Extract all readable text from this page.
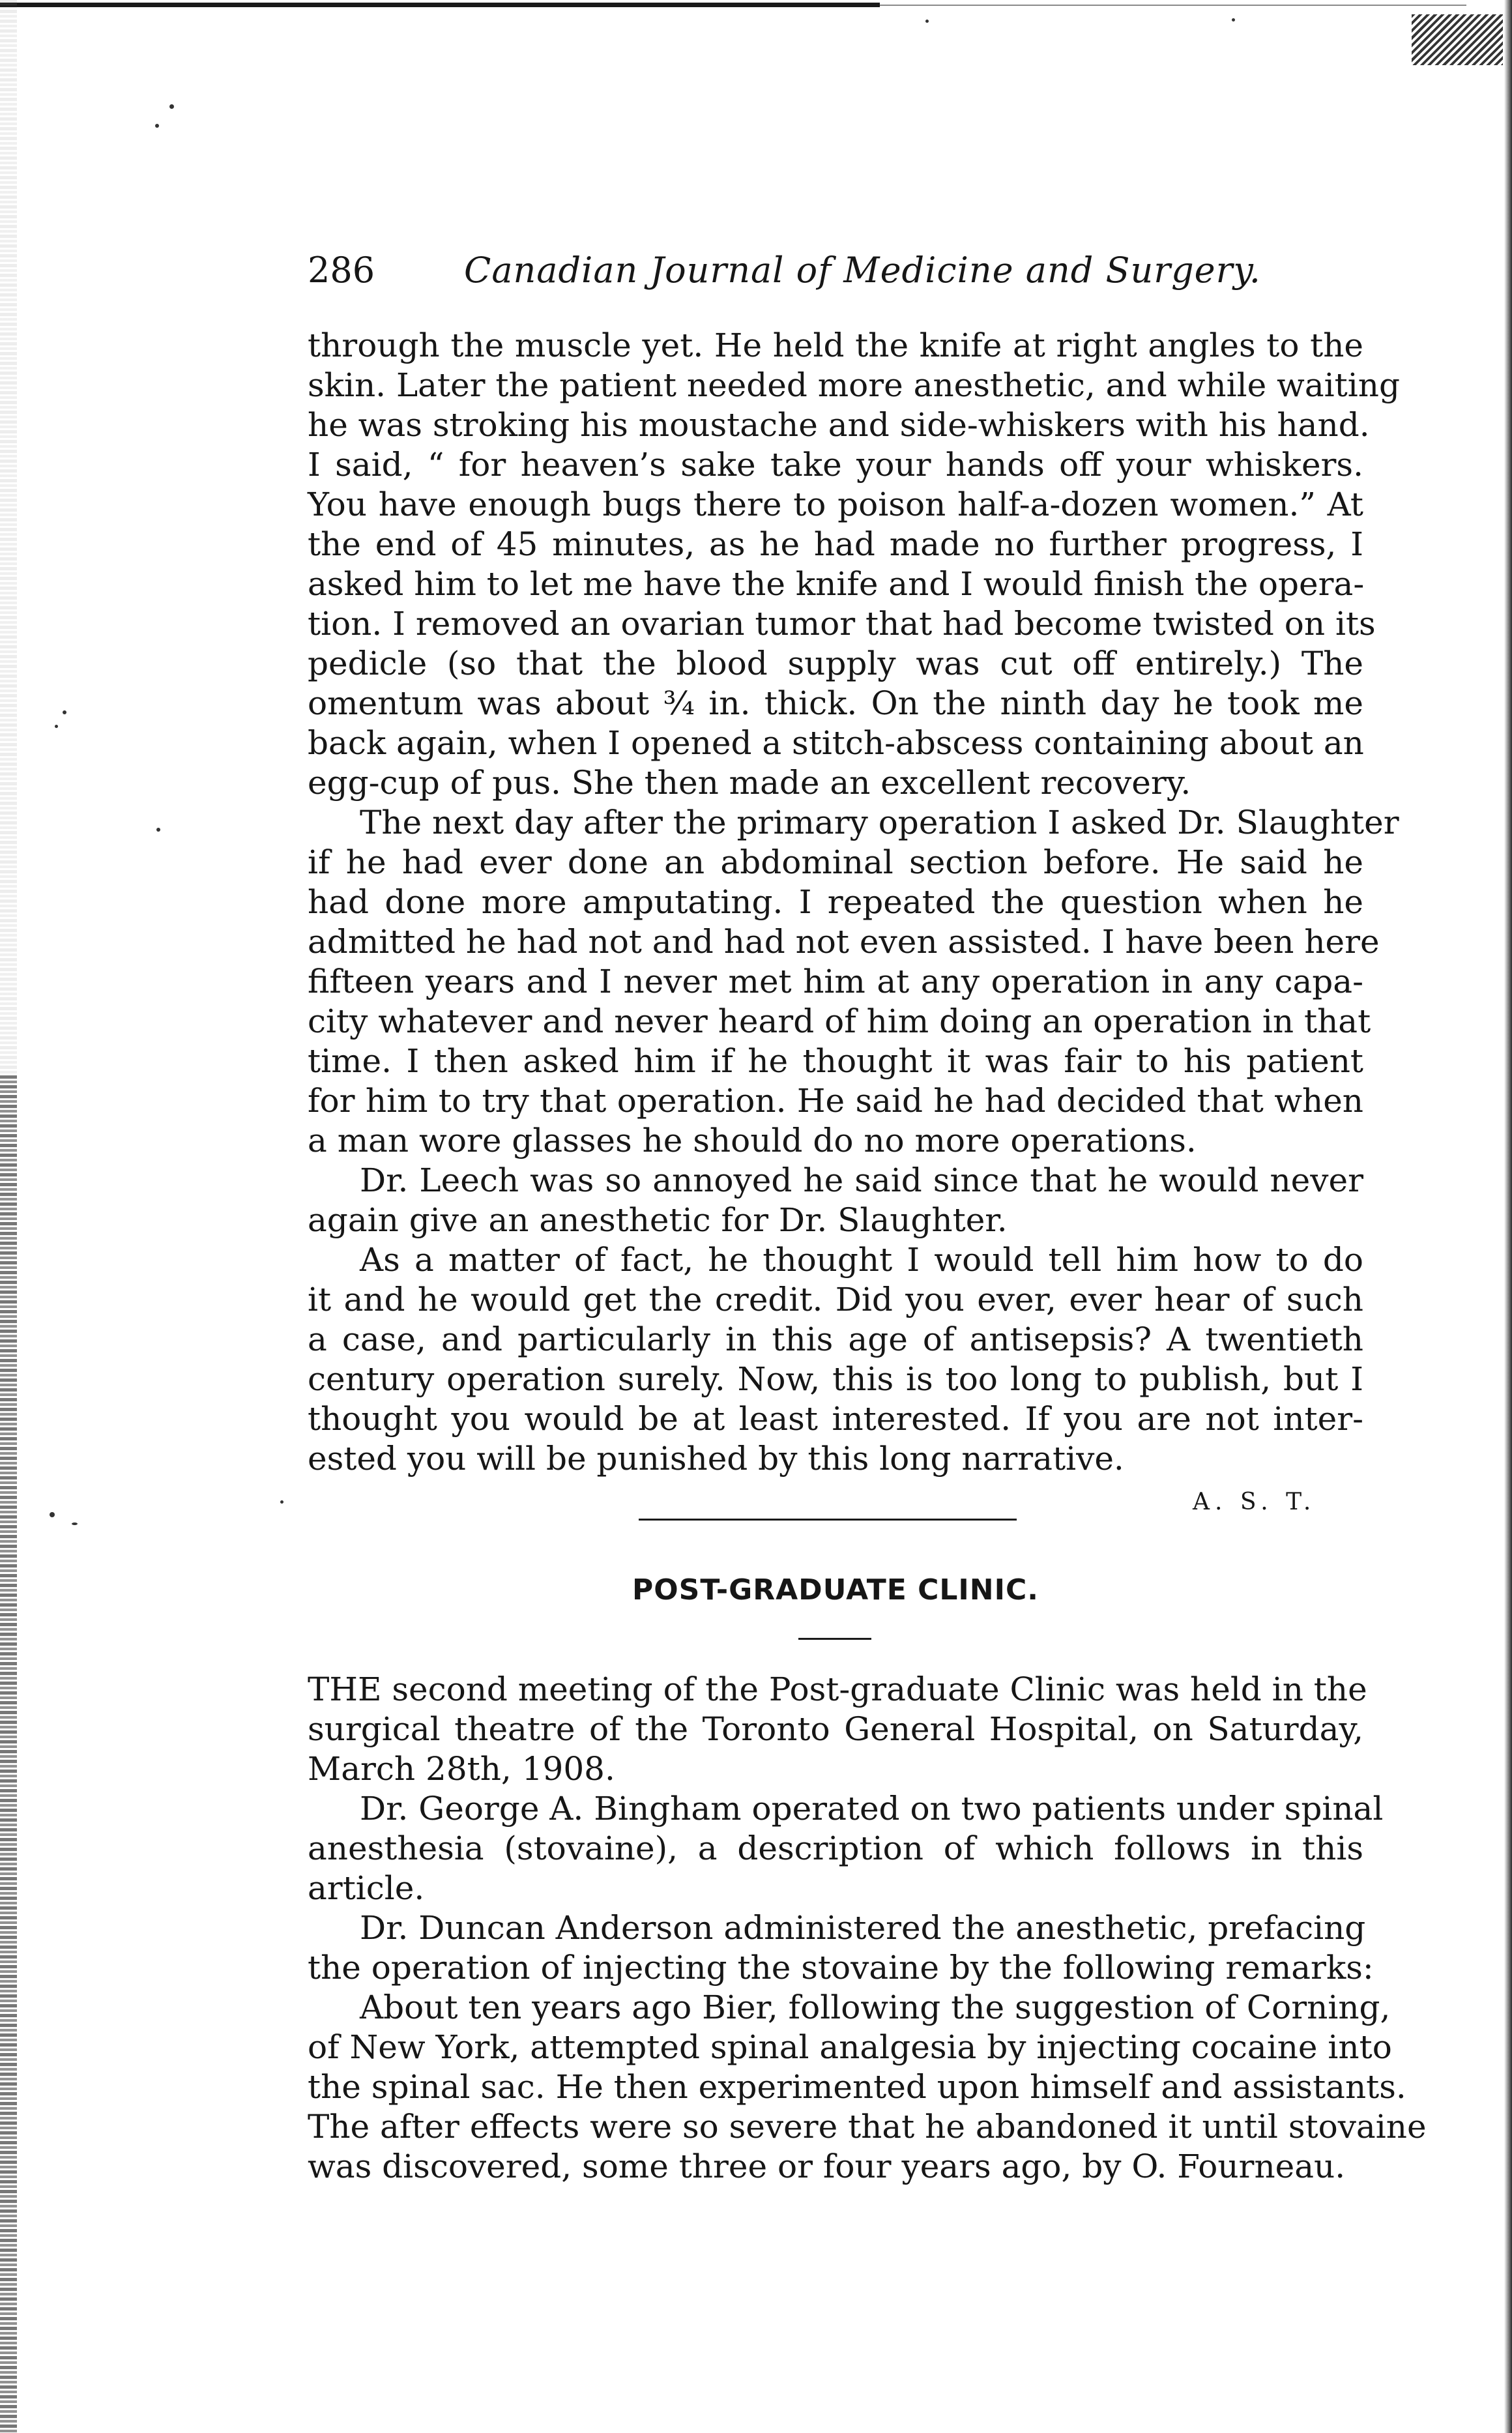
286	Canadian Journal of Medicine and Surgery.
through the muscle yet. He held the knife at right angles to the
skin. Later the patient needed more anesthetic, and while waiting
he was stroking his moustache and side-whiskers with his hand.
I said, “ for heaven’s sake take your hands off your whiskers.
You have enough bugs there to poison half-a-dozen women.” At
the end of 45 minutes, as he had made no further progress, I
asked him to let me have the knife and I would finish the opera-
tion. I removed an ovarian tumor that had become twisted on its
pedicle (so that the blood supply was cut off entirely.) The
omentum was about ¾ in. thick. On the ninth day he took me
back again, when I opened a stitch-abscess containing about an
egg-cup of pus. She then made an excellent recovery.
The next day after the primary operation I asked Dr. Slaughter
if he had ever done an abdominal section before. He said he
had done more amputating. I repeated the question when he
admitted he had not and had not even assisted. I have been here
fifteen years and I never met him at any operation in any capa-
city whatever and never heard of him doing an operation in that
time. I then asked him if he thought it was fair to his patient
for him to try that operation. He said he had decided that when
a man wore glasses he should do no more operations.
Dr. Leech was so annoyed he said since that he would never
again give an anesthetic for Dr. Slaughter.
As a matter of fact, he thought I would tell him how to do
it and he would get the credit. Did you ever, ever hear of such
a case, and particularly in this age of antisepsis? A twentieth
century operation surely. Now, this is too long to publish, but I
thought you would be at least interested. If you are not inter-
ested you will be punished by this long narrative.
A. S. T.
POST-GRADUATE CLINIC.
THE second meeting of the Post-graduate Clinic was held in the
surgical theatre of the Toronto General Hospital, on Saturday,
March 28th, 1908.
Dr. George A. Bingham operated on two patients under spinal
anesthesia (stovaine), a description of which follows in this
article.
Dr. Duncan Anderson administered the anesthetic, prefacing
the operation of injecting the stovaine by the following remarks:
About ten years ago Bier, following the suggestion of Corning,
of New York, attempted spinal analgesia by injecting cocaine into
the spinal sac. He then experimented upon himself and assistants.
The after effects were so severe that he abandoned it until stovaine
was discovered, some three or four years ago, by O. Fourneau.
